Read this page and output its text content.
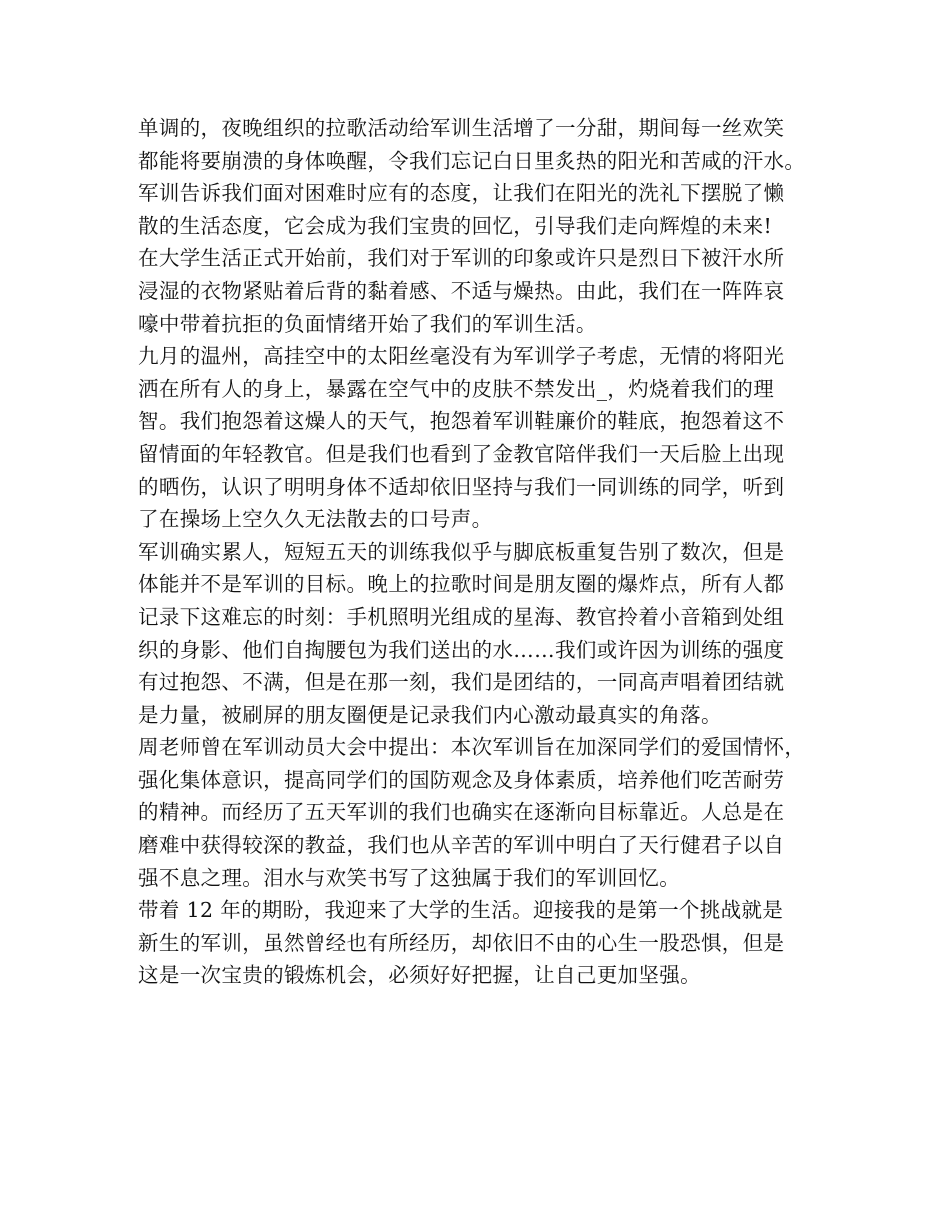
单调的，夜晚组织的拉歌活动给军训生活增了一分甜，期间每一丝欢笑
都能将要崩溃的身体唤醒，令我们忘记白日里炙热的阳光和苦咸的汗水。
军训告诉我们面对困难时应有的态度，让我们在阳光的洗礼下摆脱了懒
散的生活态度，它会成为我们宝贵的回忆，引导我们走向辉煌的未来!
在大学生活正式开始前，我们对于军训的印象或许只是烈日下被汗水所
浸湿的衣物紧贴着后背的黏着感、不适与燥热。由此，我们在一阵阵哀
嚎中带着抗拒的负面情绪开始了我们的军训生活。
九月的温州，高挂空中的太阳丝毫没有为军训学子考虑，无情的将阳光
洒在所有人的身上，暴露在空气中的皮肤不禁发出_，灼烧着我们的理
智。我们抱怨着这燥人的天气，抱怨着军训鞋廉价的鞋底，抱怨着这不
留情面的年轻教官。但是我们也看到了金教官陪伴我们一天后脸上出现
的晒伤，认识了明明身体不适却依旧坚持与我们一同训练的同学，听到
了在操场上空久久无法散去的口号声。
军训确实累人，短短五天的训练我似乎与脚底板重复告别了数次，但是
体能并不是军训的目标。晚上的拉歌时间是朋友圈的爆炸点，所有人都
记录下这难忘的时刻：手机照明光组成的星海、教官拎着小音箱到处组
织的身影、他们自掏腰包为我们送出的水……我们或许因为训练的强度
有过抱怨、不满，但是在那一刻，我们是团结的，一同高声唱着团结就
是力量，被刷屏的朋友圈便是记录我们内心激动最真实的角落。
周老师曾在军训动员大会中提出：本次军训旨在加深同学们的爱国情怀，
强化集体意识，提高同学们的国防观念及身体素质，培养他们吃苦耐劳
的精神。而经历了五天军训的我们也确实在逐渐向目标靠近。人总是在
磨难中获得较深的教益，我们也从辛苦的军训中明白了天行健君子以自
强不息之理。泪水与欢笑书写了这独属于我们的军训回忆。
带着 12 年的期盼，我迎来了大学的生活。迎接我的是第一个挑战就是
新生的军训，虽然曾经也有所经历，却依旧不由的心生一股恐惧，但是
这是一次宝贵的锻炼机会，必须好好把握，让自己更加坚强。
